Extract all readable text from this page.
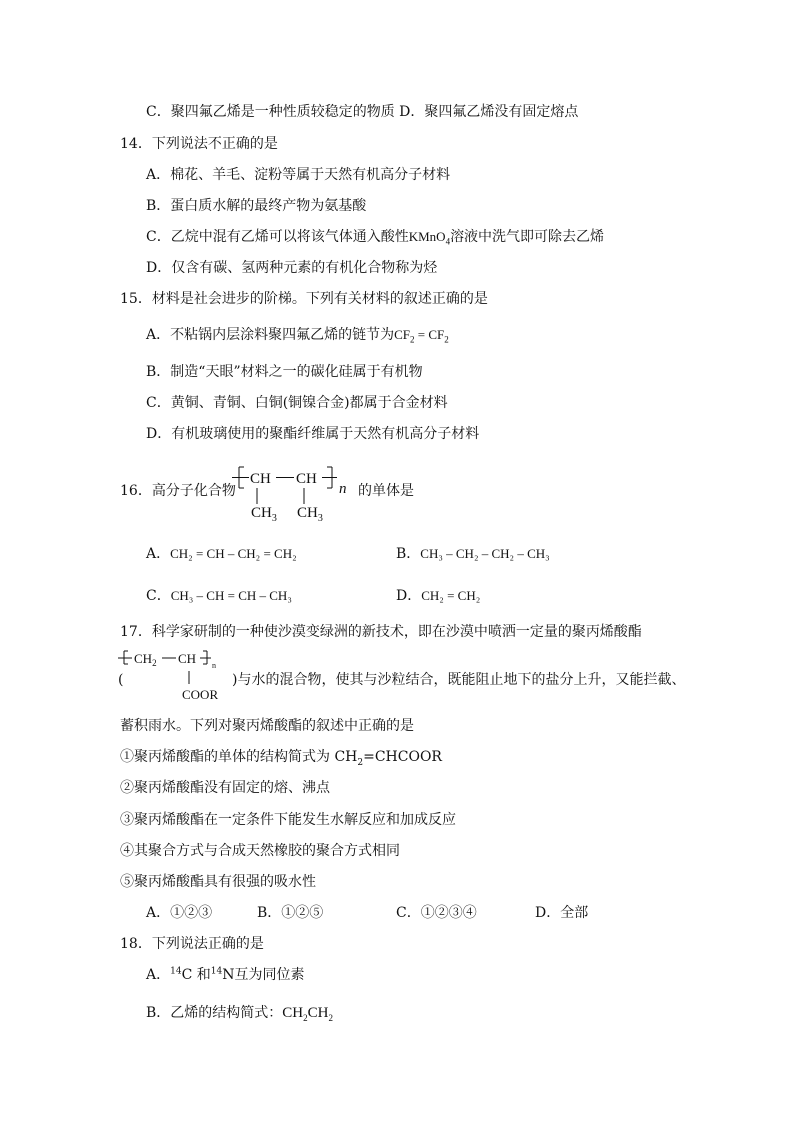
C．聚四氟乙烯是一种性质较稳定的物质 D．聚四氟乙烯没有固定熔点
14．下列说法不正确的是
A．棉花、羊毛、淀粉等属于天然有机高分子材料
B．蛋白质水解的最终产物为氨基酸
C．乙烷中混有乙烯可以将该气体通入酸性KMnO$_4$溶液中洗气即可除去乙烯
D．仅含有碳、氢两种元素的有机化合物称为烃
15．材料是社会进步的阶梯。下列有关材料的叙述正确的是
A．不粘锅内层涂料聚四氟乙烯的链节为$CF_2 = CF_2$
B．制造“天眼”材料之一的碳化硅属于有机物
C．黄铜、青铜、白铜(铜镍合金)都属于合金材料
D．有机玻璃使用的聚酯纤维属于天然有机高分子材料
16．高分子化合物
CH CH
n
$CH_3$ $CH_3$
的单体是
A．CH₂ = CH – CH₂ = CH₂	B．CH₃ – CH₂ – CH₂ – CH₃
C．CH₃ – CH = CH – CH₃	D．CH₂ = CH₂
17．科学家研制的一种使沙漠变绿洲的新技术，即在沙漠中喷洒一定量的聚丙烯酸酯
$CH_2$ CH n
COOR
(	)与水的混合物，使其与沙粒结合，既能阻止地下的盐分上升，又能拦截、
蓄积雨水。下列对聚丙烯酸酯的叙述中正确的是
①聚丙烯酸酯的单体的结构简式为 $CH_2=CHCOOR$
②聚丙烯酸酯没有固定的熔、沸点
③聚丙烯酸酯在一定条件下能发生水解反应和加成反应
④其聚合方式与合成天然橡胶的聚合方式相同
⑤聚丙烯酸酯具有很强的吸水性
A．①②③	B．①②⑤	C．①②③④	D．全部
18．下列说法正确的是
A．$^{14}$C 和$^{14}$N互为同位素
B．乙烯的结构简式：$CH_2CH_2$
